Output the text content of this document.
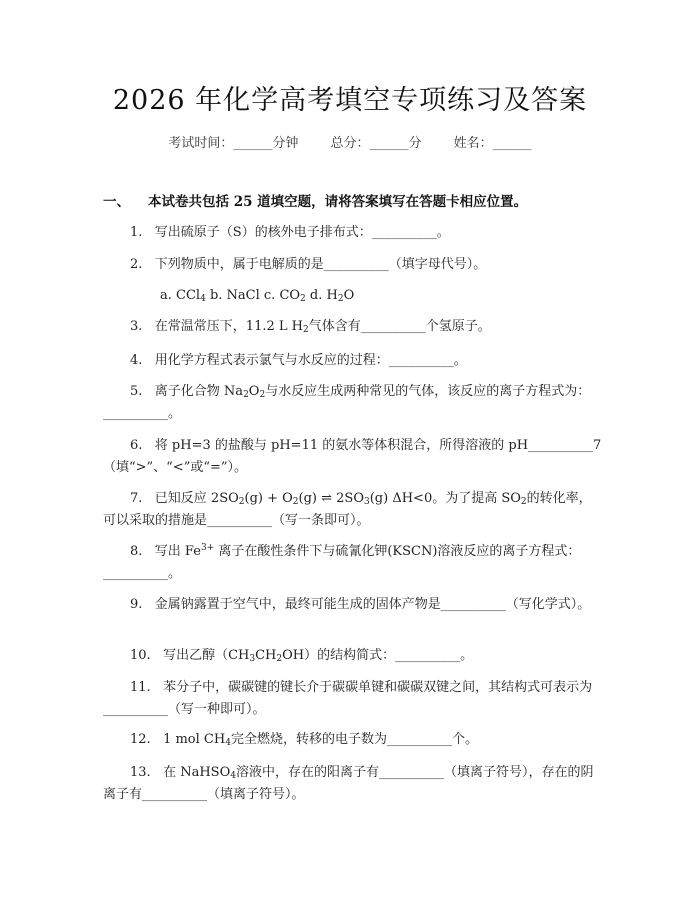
2026 年化学高考填空专项练习及答案
考试时间：______分钟 总分：______分 姓名：______
一、 本试卷共包括 25 道填空题，请将答案填写在答题卡相应位置。
1.   写出硫原子（S）的核外电子排布式：__________。
2.   下列物质中，属于电解质的是__________（填字母代号）。
a. CCl$_4$ b. NaCl c. $CO_2$ d. $H_2O$
3.   在常温常压下，11.2 L $H_2$气体含有__________个氢原子。
4.   用化学方程式表示氯气与水反应的过程：__________。
5.   离子化合物 $Na_2O_2$与水反应生成两种常见的气体，该反应的离子方程式为：__________。
6.   将 pH=3 的盐酸与 pH=11 的氨水等体积混合，所得溶液的 pH__________7（填“>”、“<”或“=”）。
7.   已知反应 $2SO_2(g) + O_2(g)$ ⇌ $2SO_3(g)$ ΔH<0。为了提高 $SO_2$的转化率，可以采取的措施是__________（写一条即可）。
8.   写出 $Fe^{3+}$ 离子在酸性条件下与硫氰化钾(KSCN)溶液反应的离子方程式：__________。
9.   金属钠露置于空气中，最终可能生成的固体产物是__________（写化学式）。
10.   写出乙醇$(CH_3CH_2OH)$的结构简式：__________。
11.   苯分子中，碳碳键的键长介于碳碳单键和碳碳双键之间，其结构式可表示为__________（写一种即可）。
12.   1 mol $CH_4$完全燃烧，转移的电子数为__________个。
13.   在 NaHSO$_4$溶液中，存在的阳离子有__________（填离子符号），存在的阴离子有__________（填离子符号）。
